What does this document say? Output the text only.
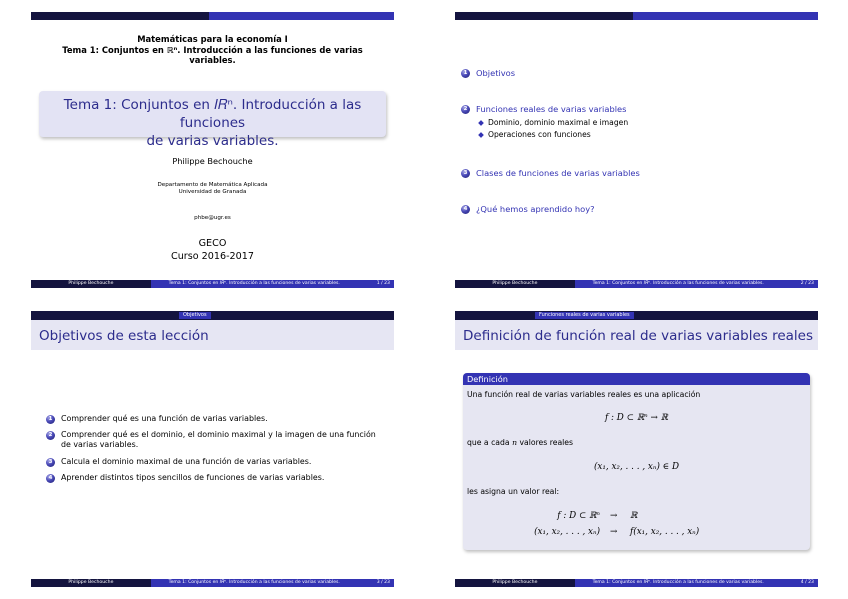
Matemáticas para la economía I
Tema 1: Conjuntos en ℝⁿ. Introducción a las funciones de varias
variables.
Tema 1: Conjuntos en 𝐼𝑅ⁿ. Introducción a las funciones
de varias variables.
Philippe Bechouche
Departamento de Matemática Aplicada
Universidad de Granada
phbe@ugr.es
GECO
Curso 2016-2017
Philippe Bechouche	Tema 1: Conjuntos en 𝐼𝑅ⁿ. Introducción a las funciones de varias variables.	1 / 23
1	Objetivos
2	Funciones reales de varias variables
Dominio, dominio maximal e imagen
Operaciones con funciones
3	Clases de funciones de varias variables
4	¿Qué hemos aprendido hoy?
Philippe Bechouche	Tema 1: Conjuntos en 𝐼𝑅ⁿ. Introducción a las funciones de varias variables.	2 / 23
Objetivos
Objetivos de esta lección
1	Comprender qué es una función de varias variables.
2	Comprender qué es el dominio, el dominio maximal y la imagen de una función de varias variables.
3	Calcula el dominio maximal de una función de varias variables.
4	Aprender distintos tipos sencillos de funciones de varias variables.
Philippe Bechouche	Tema 1: Conjuntos en 𝐼𝑅ⁿ. Introducción a las funciones de varias variables.	3 / 23
Funciones reales de varias variables
Definición de función real de varias variables reales
Definición
Una función real de varias variables reales es una aplicación
f : D ⊂ ℝⁿ → ℝ
que a cada n valores reales
(x₁, x₂, . . . , xₙ) ∈ D
les asigna un valor real:
f : D ⊂ ℝⁿ → ℝ
(x₁, x₂, . . . , xₙ) → f(x₁, x₂, . . . , xₙ)
Philippe Bechouche	Tema 1: Conjuntos en 𝐼𝑅ⁿ. Introducción a las funciones de varias variables.	4 / 23
